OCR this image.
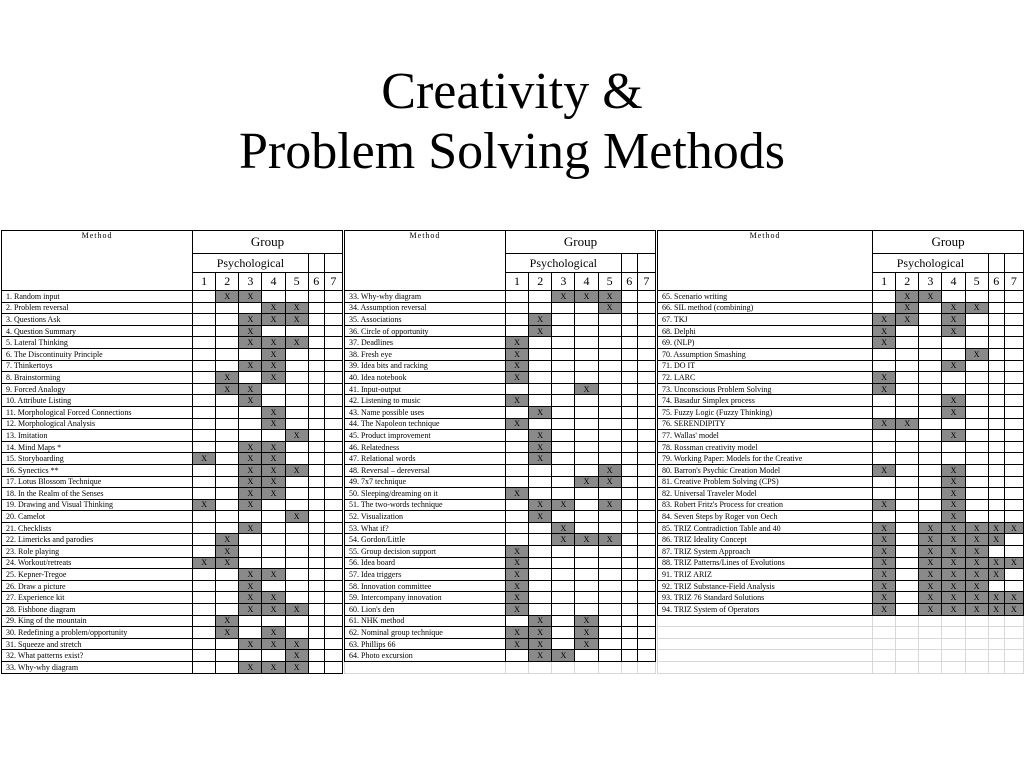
Creativity &
Problem Solving Methods
Method	Group						
	Psychological						
	1	2	3	4	5	6	7
1. Random input		X	X				
2. Problem reversal				X	X		
3. Questions Ask			X	X	X		
4. Question Summary			X				
5. Lateral Thinking			X	X	X		
6. The Discontinuity Principle				X			
7. Thinkertoys			X	X			
8. Brainstorming		X		X			
9. Forced Analogy		X	X				
10. Attribute Listing			X				
11. Morphological Forced Connections				X			
12. Morphological Analysis				X			
13. Imitation					X		
14. Mind Maps *			X	X			
15. Storyboarding	X		X	X			
16. Synectics **			X	X	X		
17. Lotus Blossom Technique			X	X			
18. In the Realm of the Senses			X	X			
19. Drawing and Visual Thinking	X		X				
20. Camelot					X		
21. Checklists			X				
22. Limericks and parodies		X					
23. Role playing		X					
24. Workout/retreats	X	X					
25. Kepner-Tregoe			X	X			
26. Draw a picture			X				
27. Experience kit			X	X			
28. Fishbone diagram			X	X	X		
29. King of the mountain		X					
30. Redefining a problem/opportunity		X		X			
31. Squeeze and stretch			X	X	X		
32. What patterns exist?					X		
33. Why-why diagram			X	X	X		
Method	Group						
	Psychological						
	1	2	3	4	5	6	7
33. Why-why diagram			X	X	X		
34. Assumption reversal					X		
35. Associations		X					
36. Circle of opportunity		X					
37. Deadlines	X						
38. Fresh eye	X						
39. Idea bits and racking	X						
40. Idea notebook	X						
41. Input-output				X			
42. Listening to music	X						
43. Name possible uses		X					
44. The Napoleon technique	X						
45. Product improvement		X					
46. Relatedness		X					
47. Relational words		X					
48. Reversal – dereversal					X		
49. 7x7 technique				X	X		
50. Sleeping/dreaming on it	X						
51. The two-words technique		X	X		X		
52. Visualization		X					
53. What if?			X				
54. Gordon/Little			X	X	X		
55. Group decision support	X						
56. Idea board	X						
57. Idea triggers	X						
58. Innovation committee	X						
59. Intercompany innovation	X						
60. Lion's den	X						
61. NHK method		X		X			
62. Nominal group technique	X	X		X			
63. Phillips 66	X	X		X			
64. Photo excursion		X	X				

Method	Group						
	Psychological						
	1	2	3	4	5	6	7
65. Scenario writing		X	X				
66. SIL method (combining)		X		X	X		
67. TKJ	X	X		X			
68. Delphi	X			X			
69. (NLP)	X						
70. Assumption Smashing					X		
71. DO IT				X			
72. LARC	X						
73. Unconscious Problem Solving	X						
74. Basadur Simplex process				X			
75. Fuzzy Logic (Fuzzy Thinking)				X			
76. SERENDIPITY	X	X					
77. Wallas' model				X			
78. Rossman creativity model							
79. Working Paper: Models for the Creative							
80. Barron's Psychic Creation Model	X			X			
81. Creative Problem Solving (CPS)				X			
82. Universal Traveler Model				X			
83. Robert Fritz's Process for creation	X			X			
84. Seven Steps by Roger von Oech				X			
85. TRIZ Contradiction Table and 40	X		X	X	X	X	X
86. TRIZ Ideality Concept	X		X	X	X	X	
87. TRIZ System Approach	X		X	X	X		
88. TRIZ Patterns/Lines of Evolutions	X		X	X	X	X	X
91. TRIZ ARIZ	X		X	X	X	X	
92. TRIZ Substance-Field Analysis	X		X	X	X		
93. TRIZ 76 Standard Solutions	X		X	X	X	X	X
94. TRIZ System of Operators	X		X	X	X	X	X
